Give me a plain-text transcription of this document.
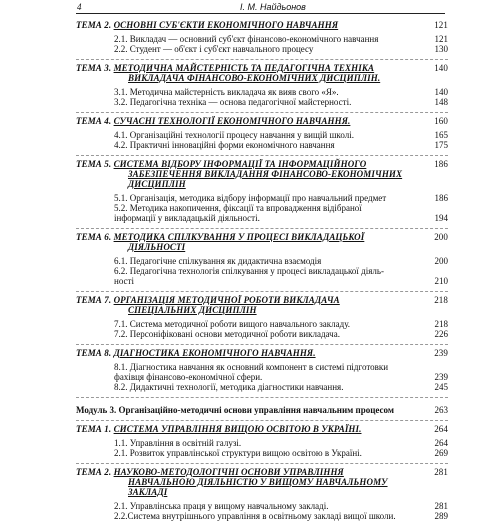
4	І. М. Найдьонов
ТЕМА 2. ОСНОВНІ СУБ'ЄКТИ ЕКОНОМІЧНОГО НАВЧАННЯ	121
2.1. Викладач — основний суб'єкт фінансово-економічного навчання	121
2.2. Студент — об'єкт і суб'єкт навчального процесу	130
ТЕМА 3. МЕТОДИЧНА МАЙСТЕРНІСТЬ ТА ПЕДАГОГІЧНА ТЕХНІКА	140
ВИКЛАДАЧА ФІНАНСОВО-ЕКОНОМІЧНИХ ДИСЦИПЛІН.
3.1. Методична майстерність викладача як вияв свого «Я».	140
3.2. Педагогічна техніка — основа педагогічної майстерності.	148
ТЕМА 4. СУЧАСНІ ТЕХНОЛОГІЇ ЕКОНОМІЧНОГО НАВЧАННЯ.	160
4.1. Організаційні технології процесу навчання у вищій школі.	165
4.2. Практичні інноваційні форми економічного навчання	175
ТЕМА 5. СИСТЕМА ВІДБОРУ ІНФОРМАЦІЇ ТА ІНФОРМАЦІЙНОГО	186
ЗАБЕЗПЕЧЕННЯ ВИКЛАДАННЯ ФІНАНСОВО-ЕКОНОМІЧНИХ
ДИСЦИПЛІН
5.1. Організація, методика відбору інформації про навчальний предмет	186
5.2. Методика накопичення, фіксації та впровадження відібраної
інформації у викладацькій діяльності.	194
ТЕМА 6. МЕТОДИКА СПІЛКУВАННЯ У ПРОЦЕСІ ВИКЛАДАЦЬКОЇ	200
ДІЯЛЬНОСТІ
6.1. Педагогічне спілкування як дидактична взаємодія	200
6.2. Педагогічна технологія спілкування у процесі викладацької діяль-
ності	210
ТЕМА 7. ОРГАНІЗАЦІЯ МЕТОДИЧНОЇ РОБОТИ ВИКЛАДАЧА	218
СПЕЦІАЛЬНИХ ДИСЦИПЛІН
7.1. Система методичної роботи вищого навчального закладу.	218
7.2. Персоніфіковані основи методичної роботи викладача.	226
ТЕМА 8. ДІАГНОСТИКА ЕКОНОМІЧНОГО НАВЧАННЯ.	239
8.1. Діагностика навчання як основний компонент в системі підготовки
фахівця фінансово-економічної сфери.	239
8.2. Дидактичні технології, методика діагностики навчання.	245
Модуль 3. Організаційно-методичні основи управління навчальним процесом	263
ТЕМА 1. СИСТЕМА УПРАВЛІННЯ ВИЩОЮ ОСВІТОЮ В УКРАЇНІ.	264
1.1. Управління в освітній галузі.	264
2.1. Розвиток управлінської структури вищою освітою в Україні.	269
ТЕМА 2. НАУКОВО-МЕТОДОЛОГІЧНІ ОСНОВИ УПРАВЛІННЯ	281
НАВЧАЛЬНОЮ ДІЯЛЬНІСТЮ У ВИЩОМУ НАВЧАЛЬНОМУ
ЗАКЛАДІ
2.1. Управлінська праця у вищому навчальному закладі.	281
2.2.Система внутрішнього управління в освітньому закладі вищої школи.	289
